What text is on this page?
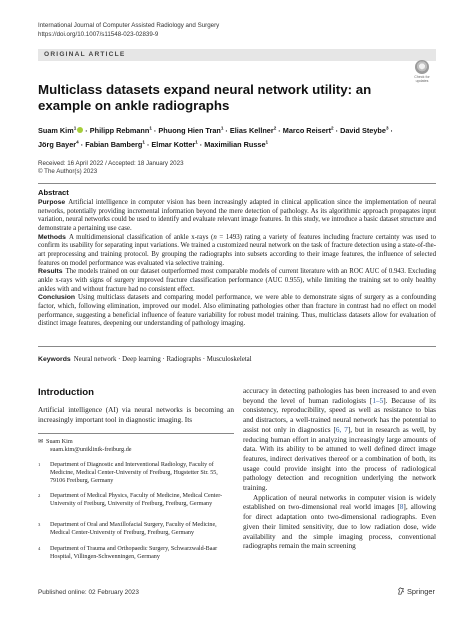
International Journal of Computer Assisted Radiology and Surgery
https://doi.org/10.1007/s11548-023-02839-9
ORIGINAL ARTICLE
Check for updates
Multiclass datasets expand neural network utility: an example on ankle radiographs
Suam Kim$^1$ · Philipp Rebmann$^1$ · Phuong Hien Tran$^1$ · Elias Kellner$^2$ · Marco Reisert$^2$ · David Steybe$^3$ ·
Jörg Bayer$^4$ · Fabian Bamberg$^1$ · Elmar Kotter$^1$ · Maximilian Russe$^1$
Received: 16 April 2022 / Accepted: 18 January 2023
© The Author(s) 2023
Abstract

Purpose Artificial intelligence in computer vision has been increasingly adapted in clinical application since the implementation of neural networks, potentially providing incremental information beyond the mere detection of pathology. As its algorithmic approach propagates input variation, neural networks could be used to identify and evaluate relevant image features. In this study, we introduce a basic dataset structure and demonstrate a pertaining use case.

Methods A multidimensional classification of ankle x-rays (n = 1493) rating a variety of features including fracture certainty was used to confirm its usability for separating input variations. We trained a customized neural network on the task of fracture detection using a state-of-the-art preprocessing and training protocol. By grouping the radiographs into subsets according to their image features, the influence of selected features on model performance was evaluated via selective training.

Results The models trained on our dataset outperformed most comparable models of current literature with an ROC AUC of 0.943. Excluding ankle x-rays with signs of surgery improved fracture classification performance (AUC 0.955), while limiting the training set to only healthy ankles with and without fracture had no consistent effect.

Conclusion Using multiclass datasets and comparing model performance, we were able to demonstrate signs of surgery as a confounding factor, which, following elimination, improved our model. Also eliminating pathologies other than fracture in contrast had no effect on model performance, suggesting a beneficial influence of feature variability for robust model training. Thus, multiclass datasets allow for evaluation of distinct image features, deepening our understanding of pathology imaging.

Keywords Neural network · Deep learning · Radiographs · Musculoskeletal
Introduction
Artificial intelligence (AI) via neural networks is becoming an increasingly important tool in diagnostic imaging. Its
✉ Suam Kim
suam.kim@uniklinik-freiburg.de
1	Department of Diagnostic and Interventional Radiology, Faculty of Medicine, Medical Center-University of Freiburg, Hugstetter Str. 55, 79106 Freiburg, Germany
2	Department of Medical Physics, Faculty of Medicine, Medical Center-University of Freiburg, University of Freiburg, Freiburg, Germany
3	Department of Oral and Maxillofacial Surgery, Faculty of Medicine, Medical Center-University of Freiburg, Freiburg, Germany
4	Department of Trauma and Orthopaedic Surgery, Schwarzwald-Baar Hospital, Villingen-Schwenningen, Germany

accuracy in detecting pathologies has been increased to and even beyond the level of human radiologists [1–5]. Because of its consistency, reproducibility, speed as well as resistance to bias and distractors, a well-trained neural network has the potential to assist not only in diagnostics [6, 7], but in research as well, by reducing human effort in analyzing increasingly large amounts of data. With its ability to be attuned to well defined direct image features, indirect derivatives thereof or a combination of both, its usage could provide insight into the process of radiological pathology detection and recognition underlying the network training.

Application of neural networks in computer vision is widely established on two-dimensional real world images [8], allowing for direct adaptation onto two-dimensional radiographs. Even given their limited sensitivity, due to low radiation dose, wide availability and the simple imaging process, conventional radiographs remain the main screening

Published online: 02 February 2023	Springer
